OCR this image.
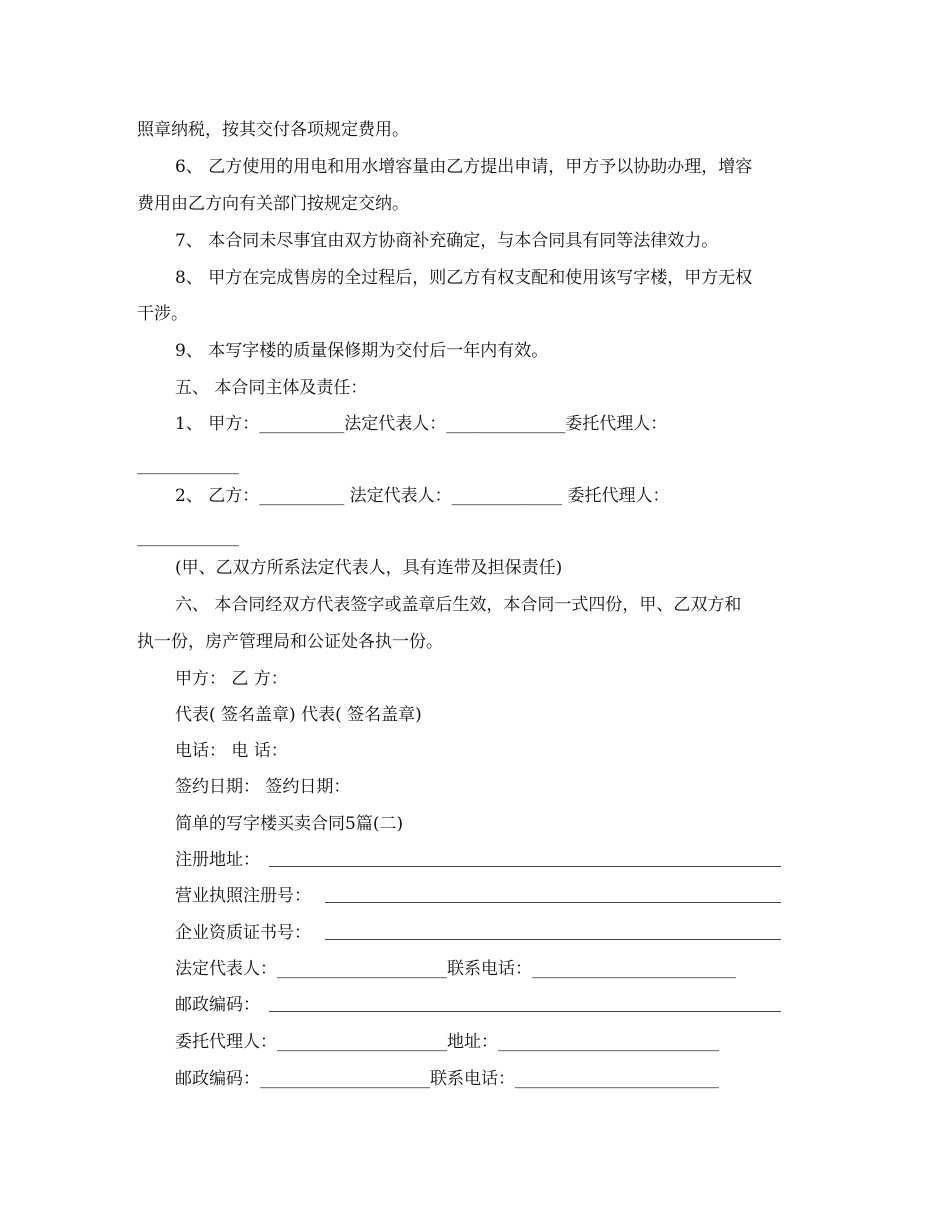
照章纳税，按其交付各项规定费用。
6、 乙方使用的用电和用水增容量由乙方提出申请，甲方予以协助办理，增容
费用由乙方向有关部门按规定交纳。
7、 本合同未尽事宜由双方协商补充确定，与本合同具有同等法律效力。
8、 甲方在完成售房的全过程后，则乙方有权支配和使用该写字楼，甲方无权
干涉。
9、 本写字楼的质量保修期为交付后一年内有效。
五、 本合同主体及责任：
1、 甲方：__________法定代表人：______________委托代理人：
____________
2、 乙方：__________ 法定代表人：_____________ 委托代理人：
____________
(甲、乙双方所系法定代表人，具有连带及担保责任)
六、 本合同经双方代表签字或盖章后生效，本合同一式四份，甲、乙双方和
执一份，房产管理局和公证处各执一份。
甲方： 乙 方：
代表( 签名盖章) 代表( 签名盖章)
电话： 电 话：
签约日期： 签约日期：
简单的写字楼买卖合同5篇(二)
注册地址：
营业执照注册号：
企业资质证书号：
法定代表人：____________________联系电话：________________________
邮政编码：
委托代理人：____________________地址：__________________________
邮政编码：____________________联系电话：________________________
